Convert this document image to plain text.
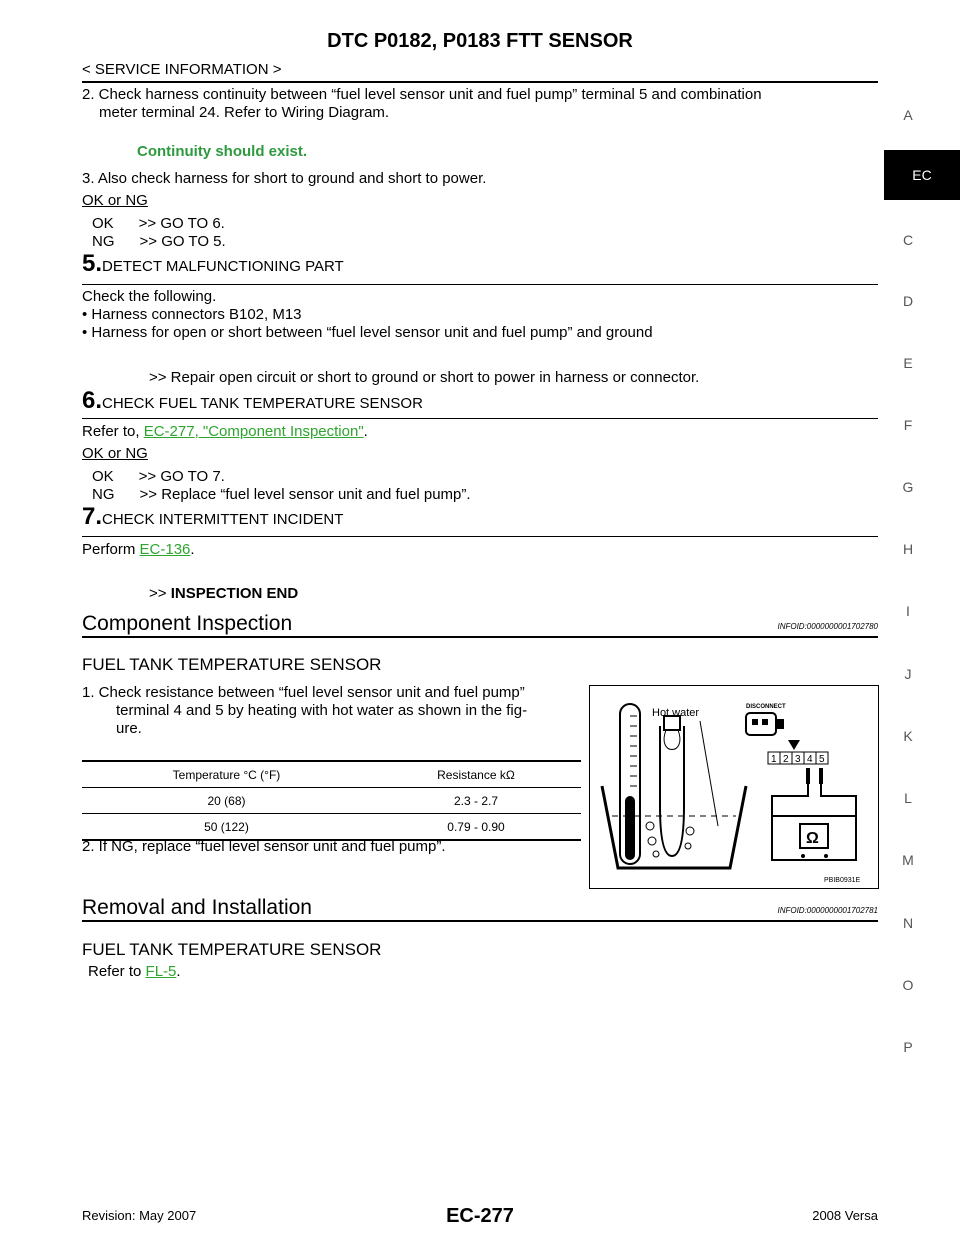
DTC P0182, P0183 FTT SENSOR
< SERVICE INFORMATION >
2. Check harness continuity between “fuel level sensor unit and fuel pump” terminal 5 and combination
meter terminal 24. Refer to Wiring Diagram.
Continuity should exist.
3. Also check harness for short to ground and short to power.
OK or NG
OK      >> GO TO 6.
NG      >> GO TO 5.
5.DETECT MALFUNCTIONING PART
Check the following.
• Harness connectors B102, M13
• Harness for open or short between “fuel level sensor unit and fuel pump” and ground
>> Repair open circuit or short to ground or short to power in harness or connector.
6.CHECK FUEL TANK TEMPERATURE SENSOR
Refer to, EC-277, "Component Inspection".
OK or NG
OK      >> GO TO 7.
NG      >> Replace “fuel level sensor unit and fuel pump”.
7.CHECK INTERMITTENT INCIDENT
Perform EC-136.
>> INSPECTION END
Component Inspection	INFOID:0000000001702780
FUEL TANK TEMPERATURE SENSOR
1. Check resistance between “fuel level sensor unit and fuel pump”
terminal 4 and 5 by heating with hot water as shown in the fig-
ure.
Temperature °C (°F)	Resistance kΩ
20 (68)	2.3 - 2.7
50 (122)	0.79 - 0.90
2. If NG, replace “fuel level sensor unit and fuel pump”.
Hot water	DISCONNECT
1 2 3 4 5
Ω
PBIB0931E
Removal and Installation	INFOID:0000000001702781
FUEL TANK TEMPERATURE SENSOR
Refer to FL-5.
A
EC
C
D
E
F
G
H
I
J
K
L
M
N
O
P
Revision: May 2007	EC-277	2008 Versa
